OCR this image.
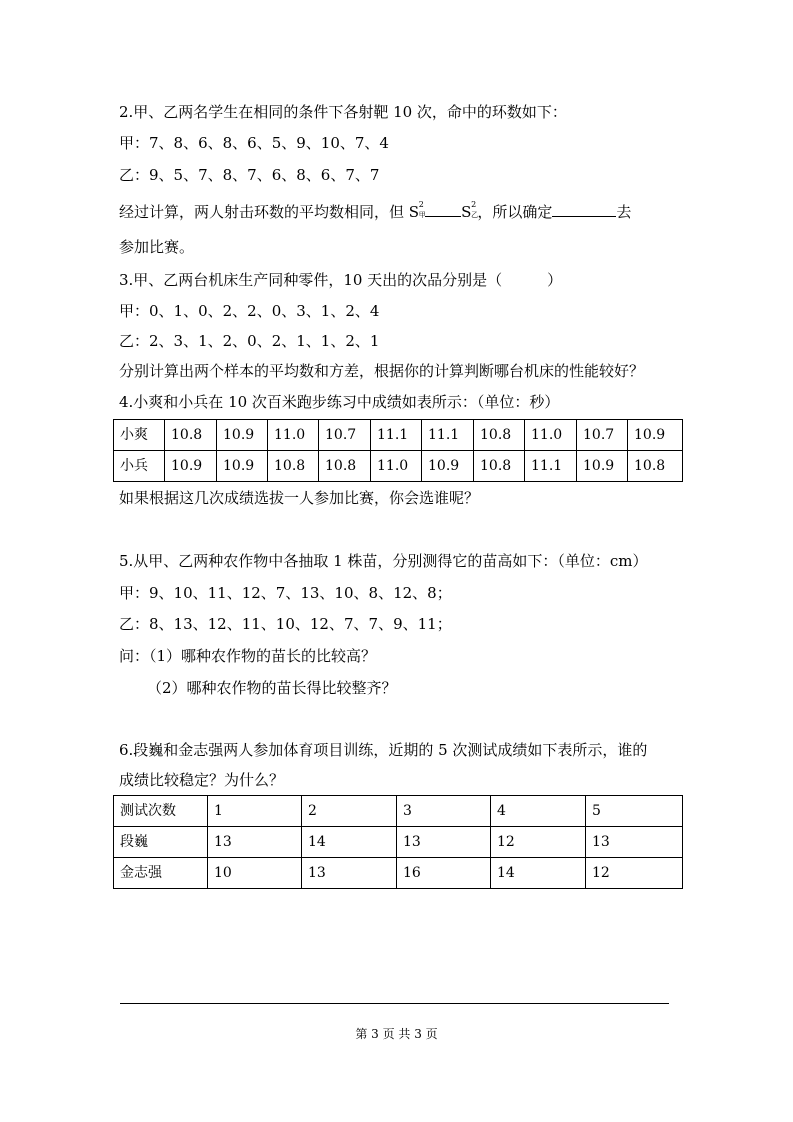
2.甲、乙两名学生在相同的条件下各射靶 10 次，命中的环数如下：
甲：7、8、6、8、6、5、9、10、7、4
乙：9、5、7、8、7、6、8、6、7、7
经过计算，两人射击环数的平均数相同，但 S 2
甲 S 2
乙 ，所以确定	去
参加比赛。
3.甲、乙两台机床生产同种零件，10 天出的次品分别是（　　　）
甲：0、1、0、2、2、0、3、1、2、4
乙：2、3、1、2、0、2、1、1、2、1
分别计算出两个样本的平均数和方差，根据你的计算判断哪台机床的性能较好？
4.小爽和小兵在 10 次百米跑步练习中成绩如表所示：（单位：秒）
小爽	10.8	10.9	11.0	10.7	11.1	11.1	10.8	11.0	10.7	10.9
小兵	10.9	10.9	10.8	10.8	11.0	10.9	10.8	11.1	10.9	10.8
如果根据这几次成绩选拔一人参加比赛，你会选谁呢？
5.从甲、乙两种农作物中各抽取 1 株苗，分别测得它的苗高如下：（单位：cm）
甲：9、10、11、12、7、13、10、8、12、8；
乙：8、13、12、11、10、12、7、7、9、11；
问：（1）哪种农作物的苗长的比较高？
（2）哪种农作物的苗长得比较整齐？
6.段巍和金志强两人参加体育项目训练，近期的 5 次测试成绩如下表所示，谁的
成绩比较稳定？为什么？
测试次数	1	2	3	4	5
段巍	13	14	13	12	13
金志强	10	13	16	14	12
第 3 页 共 3 页
